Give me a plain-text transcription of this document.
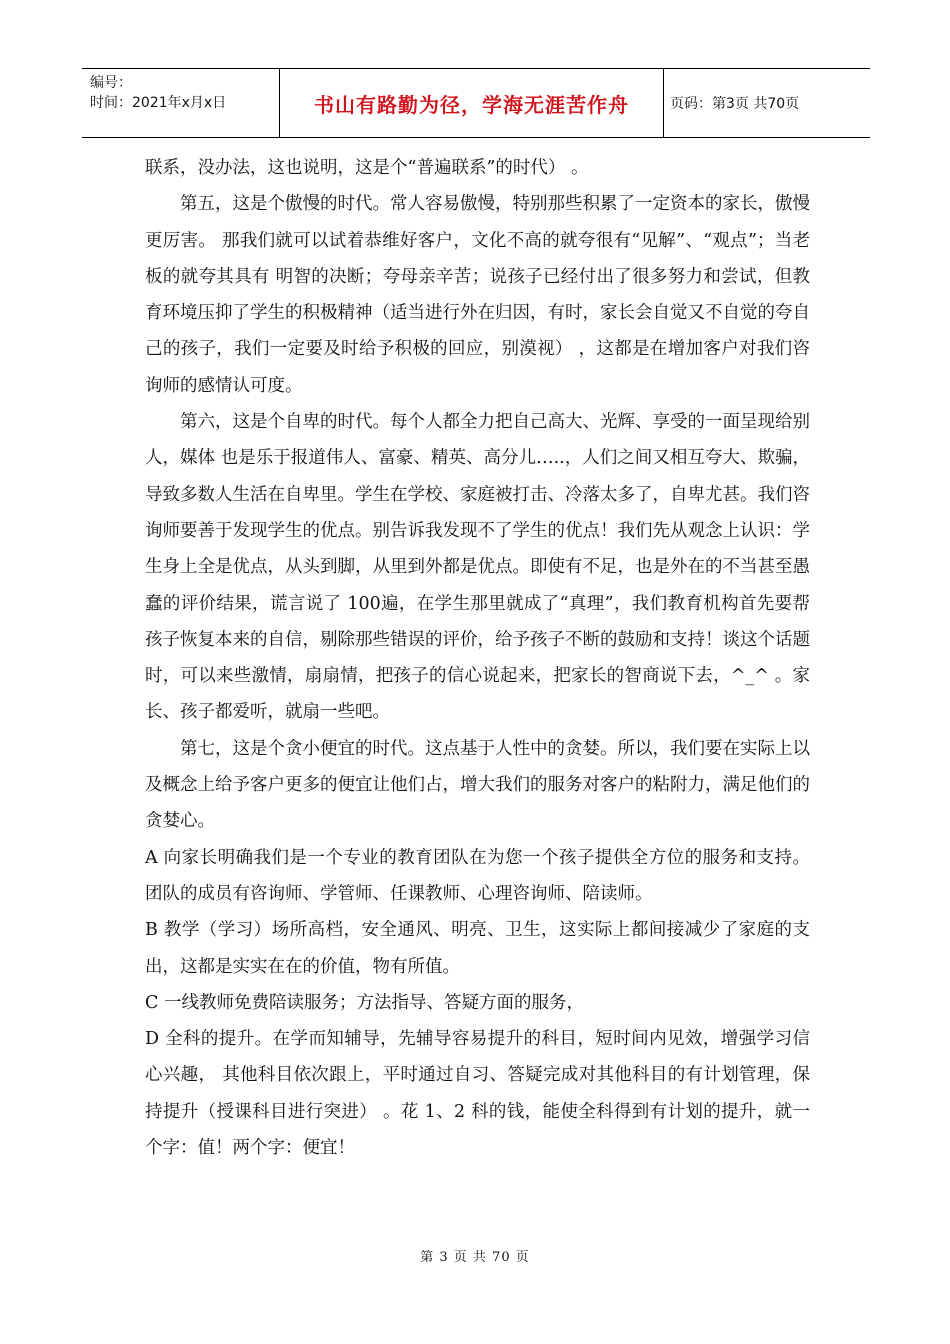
编号：
时间：2021年x月x日	书山有路勤为径，学海无涯苦作舟	页码：第3页 共70页

联系，没办法，这也说明，这是个“普遍联系”的时代） 。

第五，这是个傲慢的时代。常人容易傲慢，特别那些积累了一定资本的家长，傲慢更厉害。 那我们就可以试着恭维好客户，文化不高的就夸很有“见解”、“观点”；当老板的就夸其具有 明智的决断；夸母亲辛苦；说孩子已经付出了很多努力和尝试，但教育环境压抑了学生的积极精神（适当进行外在归因，有时，家长会自觉又不自觉的夸自己的孩子，我们一定要及时给予积极的回应，别漠视） ，这都是在增加客户对我们咨询师的感情认可度。

第六，这是个自卑的时代。每个人都全力把自己高大、光辉、享受的一面呈现给别人，媒体 也是乐于报道伟人、富豪、精英、高分儿…..，人们之间又相互夸大、欺骗，导致多数人生活在自卑里。学生在学校、家庭被打击、冷落太多了，自卑尤甚。我们咨询师要善于发现学生的优点。别告诉我发现不了学生的优点！我们先从观念上认识：学生身上全是优点，从头到脚，从里到外都是优点。即使有不足，也是外在的不当甚至愚蠢的评价结果，谎言说了 100遍，在学生那里就成了“真理”，我们教育机构首先要帮孩子恢复本来的自信，剔除那些错误的评价，给予孩子不断的鼓励和支持！谈这个话题时，可以来些激情，扇扇情，把孩子的信心说起来，把家长的智商说下去，^_^ 。家长、孩子都爱听，就扇一些吧。

第七，这是个贪小便宜的时代。这点基于人性中的贪婪。所以，我们要在实际上以及概念上给予客户更多的便宜让他们占，增大我们的服务对客户的粘附力，满足他们的贪婪心。

A 向家长明确我们是一个专业的教育团队在为您一个孩子提供全方位的服务和支持。团队的成员有咨询师、学管师、任课教师、心理咨询师、陪读师。

B 教学（学习）场所高档，安全通风、明亮、卫生，这实际上都间接减少了家庭的支出，这都是实实在在的价值，物有所值。

C 一线教师免费陪读服务；方法指导、答疑方面的服务，

D 全科的提升。在学而知辅导，先辅导容易提升的科目，短时间内见效，增强学习信心兴趣， 其他科目依次跟上，平时通过自习、答疑完成对其他科目的有计划管理，保持提升（授课科目进行突进） 。花 1、2 科的钱，能使全科得到有计划的提升，就一个字：值！两个字：便宜！

第 3 页 共 70 页
